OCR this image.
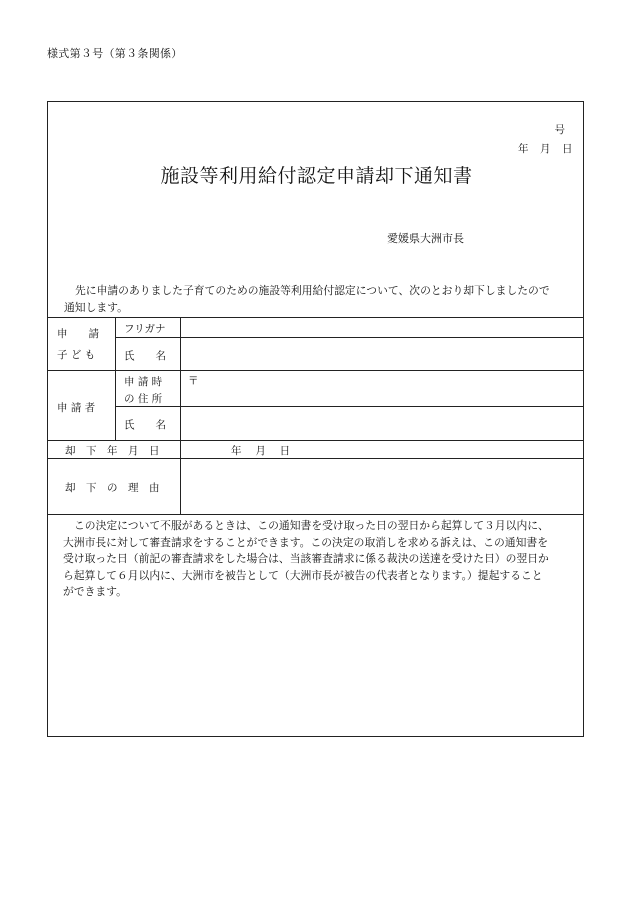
様式第３号（第３条関係）
号
年　月　日
施設等利用給付認定申請却下通知書
愛媛県大洲市長
先に申請のありました子育てのための施設等利用給付認定について、次のとおり却下しましたので
通知します。
申　　請
子 ど も
フリガナ
氏　　名
申 請 者
申 請 時
の 住 所
〒
氏　　名
却　下　年　月　日	年　 月　 日
却　下　の　理　由
この決定について不服があるときは、この通知書を受け取った日の翌日から起算して３月以内に、
大洲市長に対して審査請求をすることができます。この決定の取消しを求める訴えは、この通知書を
受け取った日（前記の審査請求をした場合は、当該審査請求に係る裁決の送達を受けた日）の翌日か
ら起算して６月以内に、大洲市を被告として（大洲市長が被告の代表者となります。）提起すること
ができます。
